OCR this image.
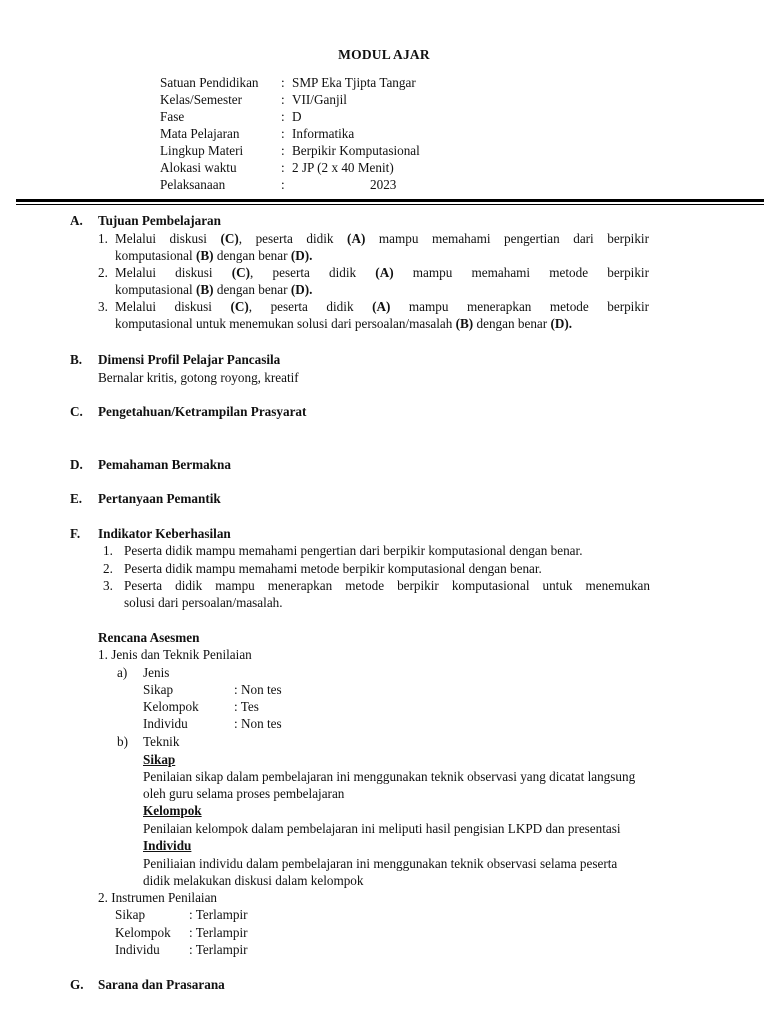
MODUL AJAR
Satuan Pendidikan : SMP Eka Tjipta Tangar
Kelas/Semester	: VII/Ganjil
Fase	: D
Mata Pelajaran	: Informatika
Lingkup Materi	: Berpikir Komputasional
Alokasi waktu	: 2 JP (2 x 40 Menit)
Pelaksanaan	:	2023
A. Tujuan Pembelajaran
1. Melalui diskusi (C), peserta didik (A) mampu memahami pengertian dari berpikir
komputasional (B) dengan benar (D).
2. Melalui diskusi (C), peserta didik (A) mampu memahami metode berpikir
komputasional (B) dengan benar (D).
3. Melalui diskusi (C), peserta didik (A) mampu menerapkan metode berpikir
komputasional untuk menemukan solusi dari persoalan/masalah (B) dengan benar (D).
B. Dimensi Profil Pelajar Pancasila
Bernalar kritis, gotong royong, kreatif
C. Pengetahuan/Ketrampilan Prasyarat
D. Pemahaman Bermakna
E. Pertanyaan Pemantik
F. Indikator Keberhasilan
1. Peserta didik mampu memahami pengertian dari berpikir komputasional dengan benar.
2. Peserta didik mampu memahami metode berpikir komputasional dengan benar.
3. Peserta didik mampu menerapkan metode berpikir komputasional untuk menemukan
solusi dari persoalan/masalah.
Rencana Asesmen
1. Jenis dan Teknik Penilaian
a) Jenis
Sikap	: Non tes
Kelompok	: Tes
Individu	: Non tes
b) Teknik
Sikap
Penilaian sikap dalam pembelajaran ini menggunakan teknik observasi yang dicatat langsung
oleh guru selama proses pembelajaran
Kelompok
Penilaian kelompok dalam pembelajaran ini meliputi hasil pengisian LKPD dan presentasi
Individu
Peniliaian individu dalam pembelajaran ini menggunakan teknik observasi selama peserta
didik melakukan diskusi dalam kelompok
2. Instrumen Penilaian
Sikap	: Terlampir
Kelompok : Terlampir
Individu : Terlampir
G. Sarana dan Prasarana
